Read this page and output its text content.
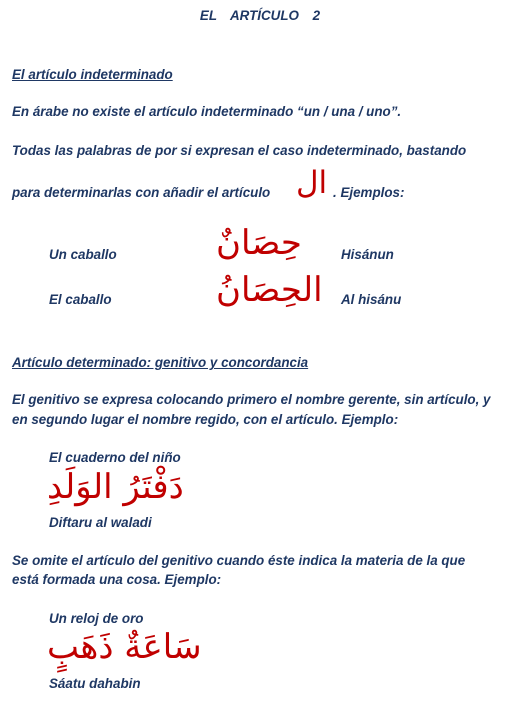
EL ARTÍCULO 2
El artículo indeterminado
En árabe no existe el artículo indeterminado “un / una / uno”.
Todas las palabras de por si expresan el caso indeterminado, bastando
para determinarlas con añadir el artículo ال . Ejemplos:
Un caballo	حِصَانٌ	Hisánun
El caballo	الحِصَانُ Al hisánu
Artículo determinado: genitivo y concordancia
El genitivo se expresa colocando primero el nombre gerente, sin artículo, y
en segundo lugar el nombre regido, con el artículo. Ejemplo:
El cuaderno del niño
دَفْتَرُ الوَلَدِ
Diftaru al waladi
Se omite el artículo del genitivo cuando éste indica la materia de la que
está formada una cosa. Ejemplo:
Un reloj de oro
سَاعَةٌ ذَهَبٍ
Sáatu dahabin
